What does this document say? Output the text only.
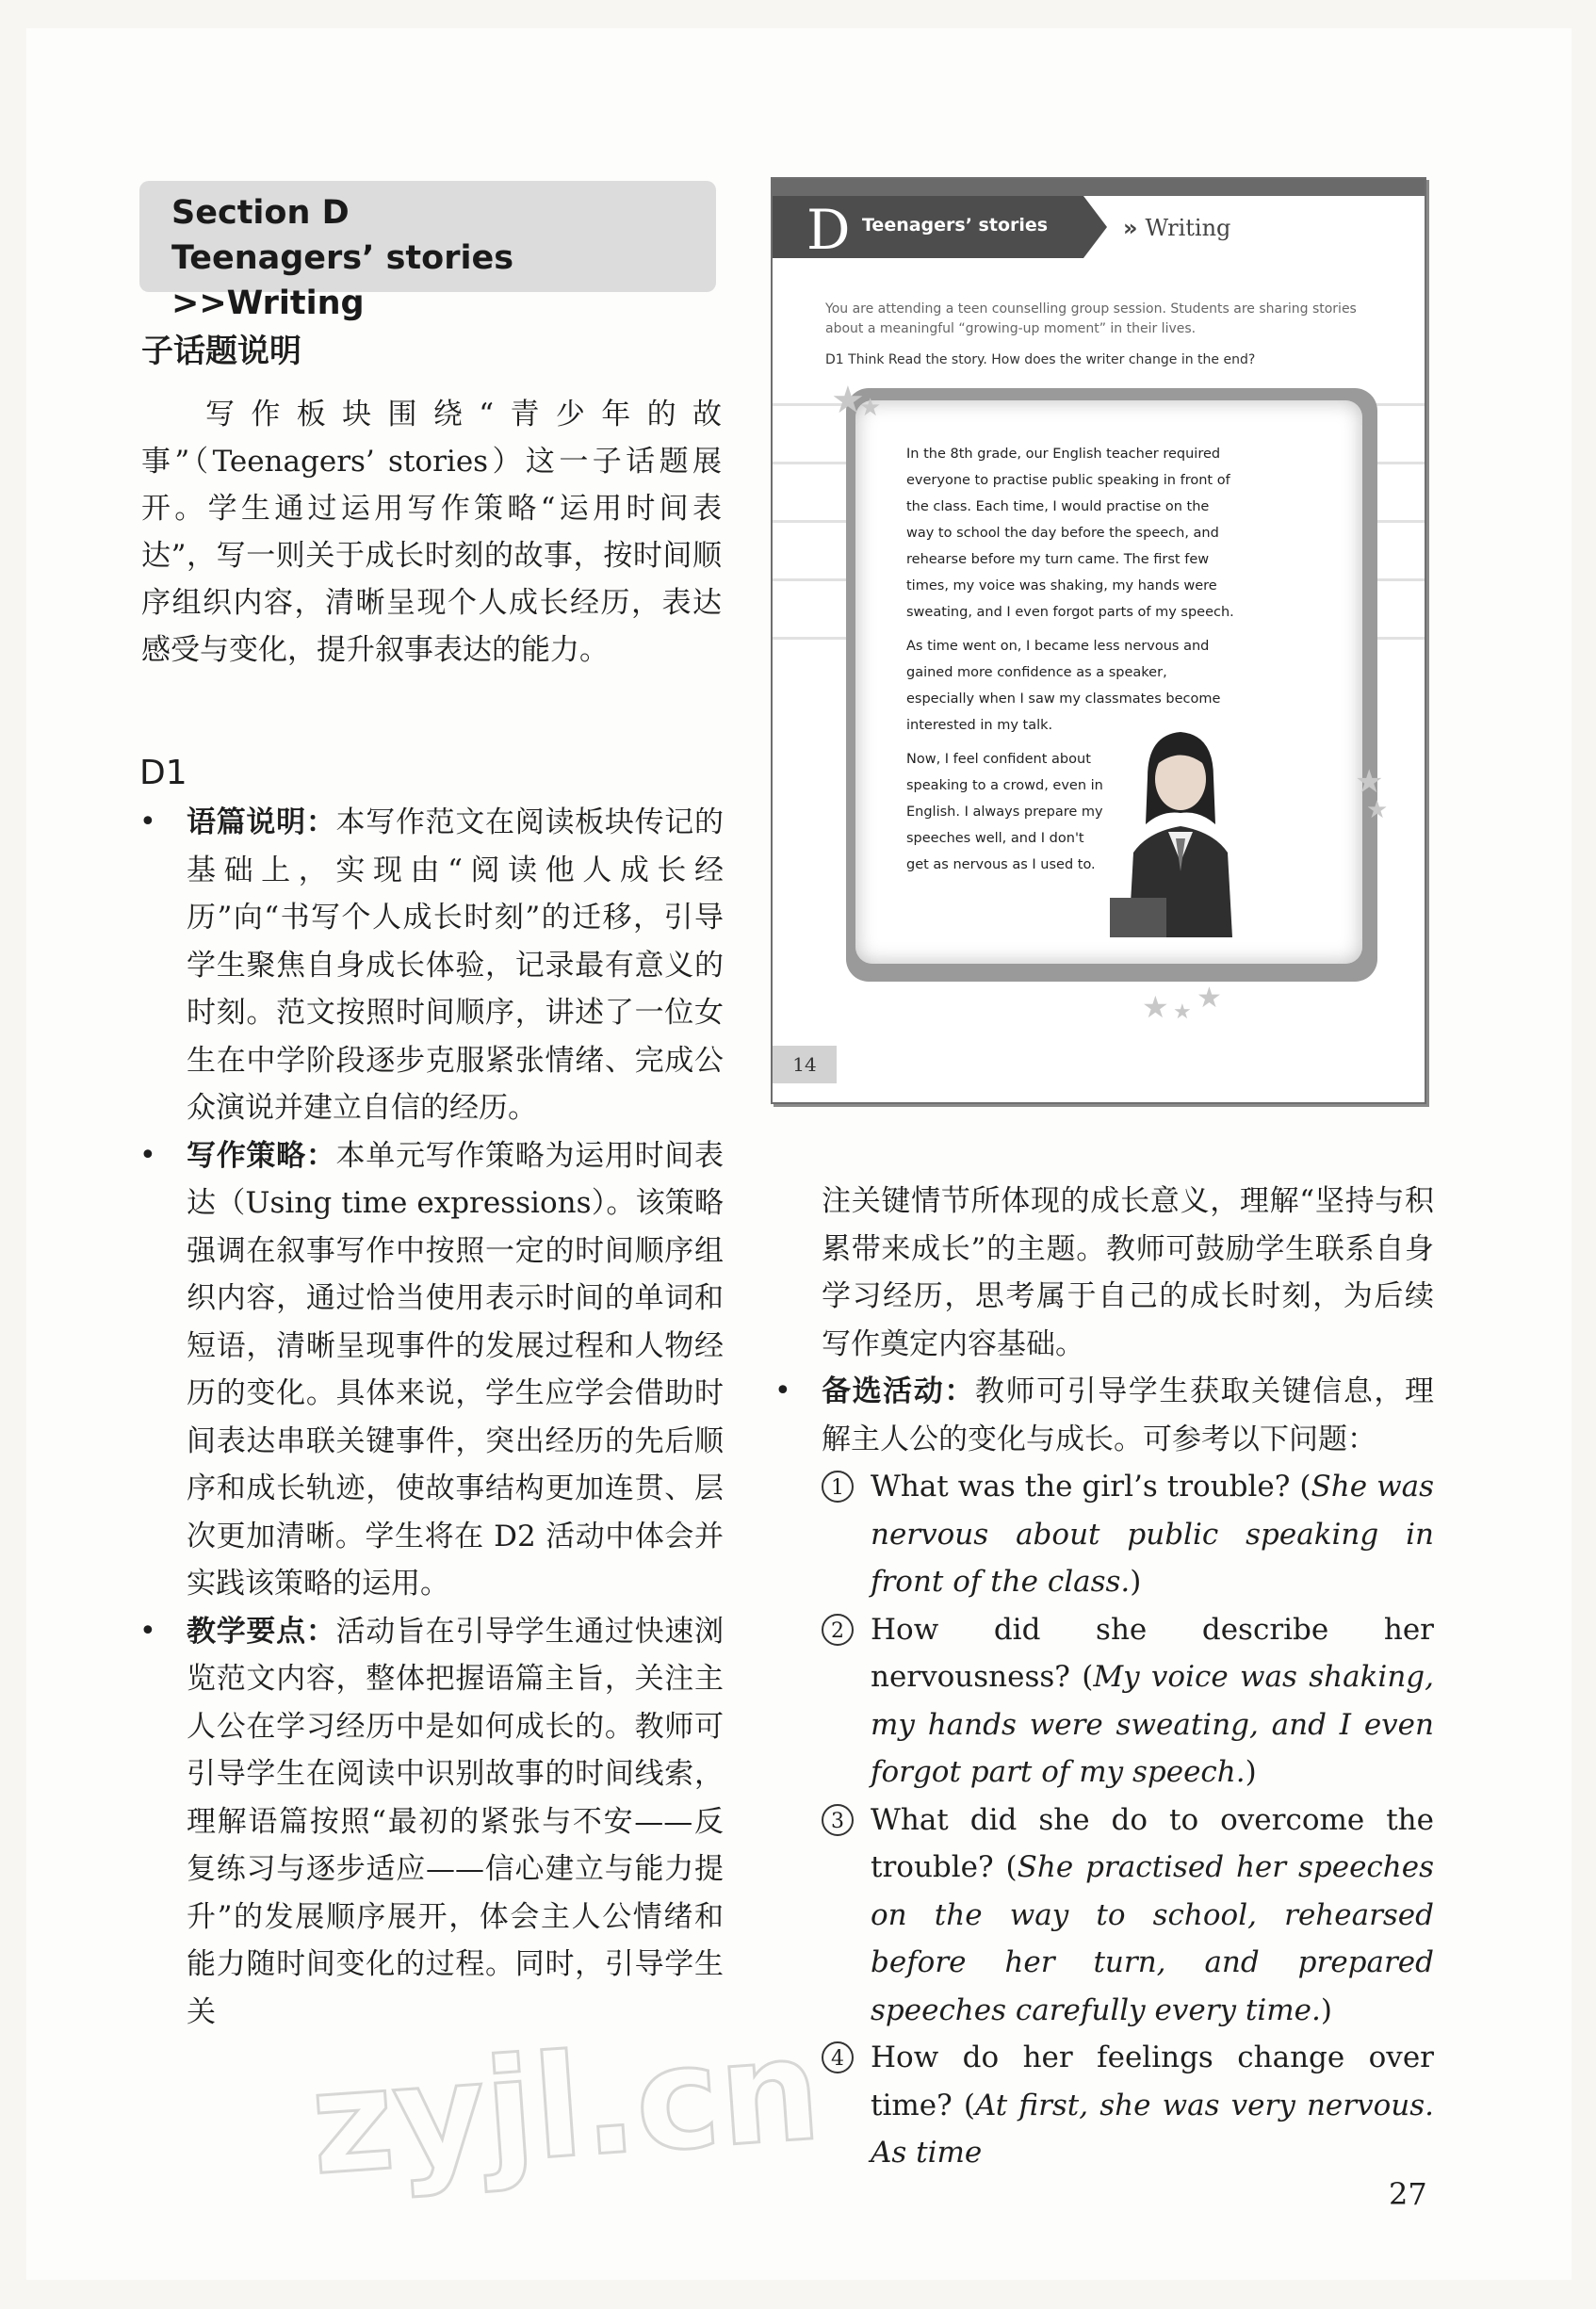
Section DTeenagers’ stories
>>Writing
子话题说明
写作板块围绕“青少年的故事”（Teenagers’ stories）这一子话题展开。学生通过运用写作策略“运用时间表达”，写一则关于成长时刻的故事，按时间顺序组织内容，清晰呈现个人成长经历，表达感受与变化，提升叙事表达的能力。
D1
• 语篇说明：本写作范文在阅读板块传记的基础上，实现由“阅读他人成长经历”向“书写个人成长时刻”的迁移，引导学生聚焦自身成长体验，记录最有意义的时刻。范文按照时间顺序，讲述了一位女生在中学阶段逐步克服紧张情绪、完成公众演说并建立自信的经历。
• 写作策略：本单元写作策略为运用时间表达（Using time expressions）。该策略强调在叙事写作中按照一定的时间顺序组织内容，通过恰当使用表示时间的单词和短语，清晰呈现事件的发展过程和人物经历的变化。具体来说，学生应学会借助时间表达串联关键事件，突出经历的先后顺序和成长轨迹，使故事结构更加连贯、层次更加清晰。学生将在 D2 活动中体会并实践该策略的运用。
• 教学要点：活动旨在引导学生通过快速浏览范文内容，整体把握语篇主旨，关注主人公在学习经历中是如何成长的。教师可引导学生在阅读中识别故事的时间线索，理解语篇按照“最初的紧张与不安——反复练习与逐步适应——信心建立与能力提升”的发展顺序展开，体会主人公情绪和能力随时间变化的过程。同时，引导学生关
D Teenagers’ stories	» Writing
You are attending a teen counselling group session. Students are sharing stories about a meaningful “growing-up moment” in their lives.
D1 Think Read the story. How does the writer change in the end?

In the 8th grade, our English teacher required everyone to practise public speaking in front of the class. Each time, I would practise on the way to school the day before the speech, and rehearse before my turn came. The first few times, my voice was shaking, my hands were sweating, and I even forgot parts of my speech.

As time went on, I became less nervous and gained more confidence as a speaker, especially when I saw my classmates become interested in my talk.

Now, I feel confident about speaking to a crowd, even in English. I always prepare my speeches well, and I don't get as nervous as I used to.

★
★
★
★
★ ★ ★
14
注关键情节所体现的成长意义，理解“坚持与积累带来成长”的主题。教师可鼓励学生联系自身学习经历，思考属于自己的成长时刻，为后续写作奠定内容基础。
• 备选活动：教师可引导学生获取关键信息，理解主人公的变化与成长。可参考以下问题：
1 What was the girl’s trouble? (She was nervous about public speaking in front of the class.)
2 How did she describe her nervousness? (My voice was shaking, my hands were sweating, and I even forgot part of my speech.)
3 What did she do to overcome the trouble? (She practised her speeches on the way to school, rehearsed before her turn, and prepared speeches carefully every time.)
4 How do her feelings change over time? (At first, she was very nervous. As time
zyjl.cn	27
